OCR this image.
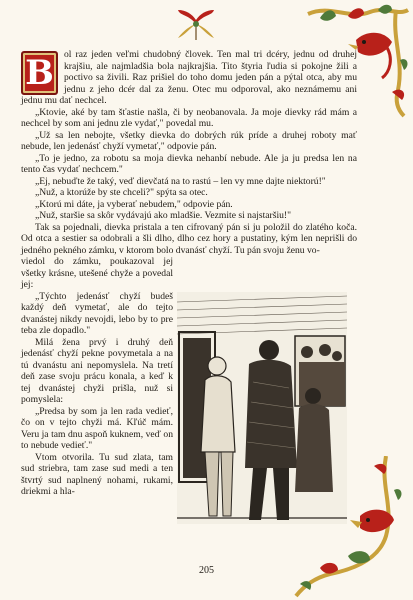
B	ol raz jeden veľmi chudobný človek. Ten mal tri dcéry, jednu od druhej krajšiu, ale najmladšia bola najkrajšia. Tito štyria ľudia si pokojne žili a poctivo sa živili. Raz prišiel do toho domu jeden pán a pýtal otca, aby mu jednu z jeho dcér dal za ženu. Otec mu odporoval, ako neznámemu ani jednu mu dať nechcel.

„Ktovie, aké by tam šťastie našla, či by neobanovala. Ja moje dievky rád mám a nechcel by som ani jednu zle vydať," povedal mu.

„Už sa len nebojte, všetky dievka do dobrých rúk príde a druhej roboty mať nebude, len jedenásť chyží vymetať," odpovie pán.

„To je jedno, za robotu sa moja dievka nehanbí nebude. Ale ja ju predsa len na tento čas vydať nechcem."

„Ej, nebuďte že taký, veď dievčatá na to rastú – len vy mne dajte niektorú!"

„Nuž, a ktorúže by ste chceli?" spýta sa otec.

„Ktorú mi dáte, ja vyberať nebudem," odpovie pán.

„Nuž, staršie sa skôr vydávajú ako mladšie. Vezmite si najstaršiu!"

Tak sa pojednali, dievka pristala a ten cifrovaný pán si ju položil do zlatého koča. Od otca a sestier sa odobrali a šli dlho, dlho cez hory a pustatiny, kým len neprišli do jedného pekného zámku, v ktorom bolo dvanásť chyží. Tu pán svoju ženu vo-

viedol do zámku, poukazoval jej všetky krásne, utešené chyže a povedal jej:

„Týchto jedenásť chyží budeš každý deň vymetať, ale do tejto dvanástej nikdy nevojdi, lebo by to pre teba zle dopadlo."

Milá žena prvý i druhý deň jedenásť chyží pekne povymetala a na tú dvanástu ani nepomyslela. Na tretí deň zase svoju prácu konala, a keď k tej dvanástej chyži prišla, nuž si pomyslela:

„Predsa by som ja len rada vedieť, čo on v tejto chyži má. Kľúč mám. Veru ja tam dnu aspoň kuknem, veď on to nebude vedieť."

Vtom otvorila. Tu sud zlata, tam sud striebra, tam zase sud medi a ten štvrtý sud naplnený nohami, rukami, driekmi a hla-

205
